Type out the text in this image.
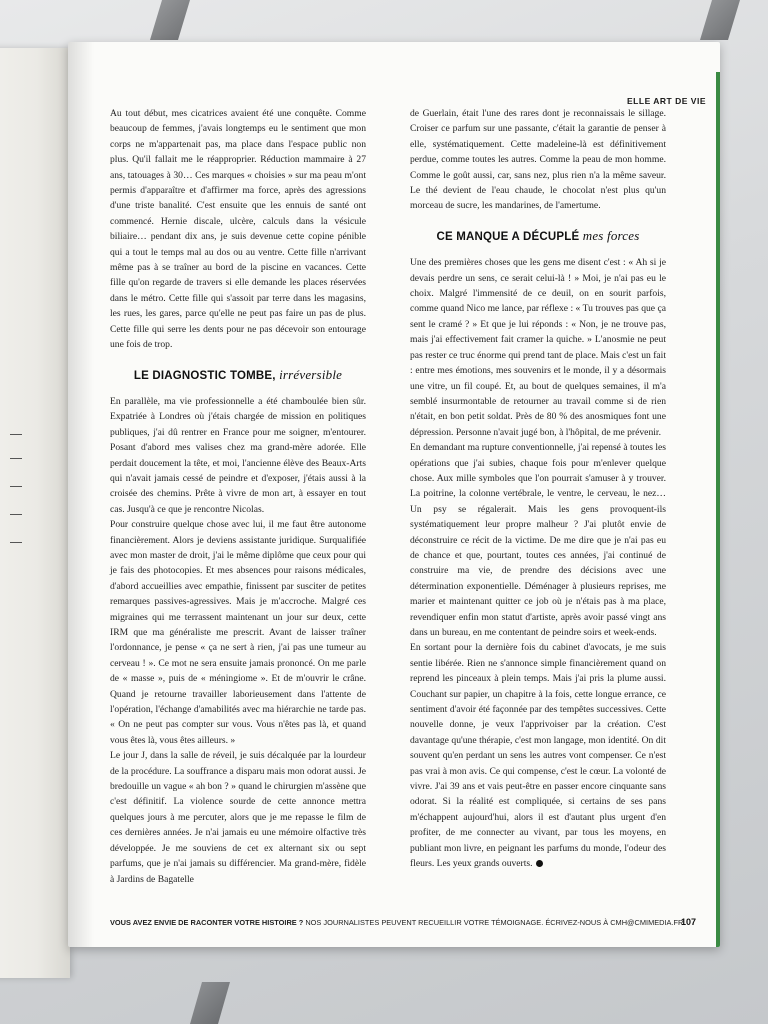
ELLE ART DE VIE

Au tout début, mes cicatrices avaient été une conquête. Comme beaucoup de femmes, j'avais longtemps eu le sentiment que mon corps ne m'appartenait pas, ma place dans l'espace public non plus. Qu'il fallait me le réapproprier. Réduction mammaire à 27 ans, tatouages à 30… Ces marques « choisies » sur ma peau m'ont permis d'apparaître et d'affirmer ma force, après des agressions d'une triste banalité. C'est ensuite que les ennuis de santé ont commencé. Hernie discale, ulcère, calculs dans la vésicule biliaire… pendant dix ans, je suis devenue cette copine pénible qui a tout le temps mal au dos ou au ventre. Cette fille n'arrivant même pas à se traîner au bord de la piscine en vacances. Cette fille qu'on regarde de travers si elle demande les places réservées dans le métro. Cette fille qui s'assoit par terre dans les magasins, les rues, les gares, parce qu'elle ne peut pas faire un pas de plus. Cette fille qui serre les dents pour ne pas décevoir son entourage une fois de trop.

LE DIAGNOSTIC TOMBE, irréversible

En parallèle, ma vie professionnelle a été chamboulée bien sûr. Expatriée à Londres où j'étais chargée de mission en politiques publiques, j'ai dû rentrer en France pour me soigner, m'entourer. Posant d'abord mes valises chez ma grand-mère adorée. Elle perdait doucement la tête, et moi, l'ancienne élève des Beaux-Arts qui n'avait jamais cessé de peindre et d'exposer, j'étais aussi à la croisée des chemins. Prête à vivre de mon art, à essayer en tout cas. Jusqu'à ce que je rencontre Nicolas.

Pour construire quelque chose avec lui, il me faut être autonome financièrement. Alors je deviens assistante juridique. Surqualifiée avec mon master de droit, j'ai le même diplôme que ceux pour qui je fais des photocopies. Et mes absences pour raisons médicales, d'abord accueillies avec empathie, finissent par susciter de petites remarques passives-agressives. Mais je m'accroche. Malgré ces migraines qui me terrassent maintenant un jour sur deux, cette IRM que ma généraliste me prescrit. Avant de laisser traîner l'ordonnance, je pense « ça ne sert à rien, j'ai pas une tumeur au cerveau ! ». Ce mot ne sera ensuite jamais prononcé. On me parle de « masse », puis de « méningiome ». Et de m'ouvrir le crâne. Quand je retourne travailler laborieusement dans l'attente de l'opération, l'échange d'amabilités avec ma hiérarchie ne tarde pas. « On ne peut pas compter sur vous. Vous n'êtes pas là, et quand vous êtes là, vous êtes ailleurs. »

Le jour J, dans la salle de réveil, je suis décalquée par la lourdeur de la procédure. La souffrance a disparu mais mon odorat aussi. Je bredouille un vague « ah bon ? » quand le chirurgien m'assène que c'est définitif. La violence sourde de cette annonce mettra quelques jours à me percuter, alors que je me repasse le film de ces dernières années. Je n'ai jamais eu une mémoire olfactive très développée. Je me souviens de cet ex alternant six ou sept parfums, que je n'ai jamais su différencier. Ma grand-mère, fidèle à Jardins de Bagatelle

de Guerlain, était l'une des rares dont je reconnaissais le sillage. Croiser ce parfum sur une passante, c'était la garantie de penser à elle, systématiquement. Cette madeleine-là est définitivement perdue, comme toutes les autres. Comme la peau de mon homme. Comme le goût aussi, car, sans nez, plus rien n'a la même saveur. Le thé devient de l'eau chaude, le chocolat n'est plus qu'un morceau de sucre, les mandarines, de l'amertume.

CE MANQUE A DÉCUPLÉ mes forces

Une des premières choses que les gens me disent c'est : « Ah si je devais perdre un sens, ce serait celui-là ! » Moi, je n'ai pas eu le choix. Malgré l'immensité de ce deuil, on en sourit parfois, comme quand Nico me lance, par réflexe : « Tu trouves pas que ça sent le cramé ? » Et que je lui réponds : « Non, je ne trouve pas, mais j'ai effectivement fait cramer la quiche. » L'anosmie ne peut pas rester ce truc énorme qui prend tant de place. Mais c'est un fait : entre mes émotions, mes souvenirs et le monde, il y a désormais une vitre, un fil coupé. Et, au bout de quelques semaines, il m'a semblé insurmontable de retourner au travail comme si de rien n'était, en bon petit soldat. Près de 80 % des anosmiques font une dépression. Personne n'avait jugé bon, à l'hôpital, de me prévenir.

En demandant ma rupture conventionnelle, j'ai repensé à toutes les opérations que j'ai subies, chaque fois pour m'enlever quelque chose. Aux mille symboles que l'on pourrait s'amuser à y trouver. La poitrine, la colonne vertébrale, le ventre, le cerveau, le nez… Un psy se régalerait. Mais les gens provoquent-ils systématiquement leur propre malheur ? J'ai plutôt envie de déconstruire ce récit de la victime. De me dire que je n'ai pas eu de chance et que, pourtant, toutes ces années, j'ai continué de construire ma vie, de prendre des décisions avec une détermination exponentielle. Déménager à plusieurs reprises, me marier et maintenant quitter ce job où je n'étais pas à ma place, revendiquer enfin mon statut d'artiste, après avoir passé vingt ans dans un bureau, en me contentant de peindre soirs et week-ends.

En sortant pour la dernière fois du cabinet d'avocats, je me suis sentie libérée. Rien ne s'annonce simple financièrement quand on reprend les pinceaux à plein temps. Mais j'ai pris la plume aussi. Couchant sur papier, un chapitre à la fois, cette longue errance, ce sentiment d'avoir été façonnée par des tempêtes successives. Cette nouvelle donne, je veux l'apprivoiser par la création. C'est davantage qu'une thérapie, c'est mon langage, mon identité. On dit souvent qu'en perdant un sens les autres vont compenser. Ce n'est pas vrai à mon avis. Ce qui compense, c'est le cœur. La volonté de vivre. J'ai 39 ans et vais peut-être en passer encore cinquante sans odorat. Si la réalité est compliquée, si certains de ses pans m'échappent aujourd'hui, alors il est d'autant plus urgent d'en profiter, de me connecter au vivant, par tous les moyens, en publiant mon livre, en peignant les parfums du monde, l'odeur des fleurs. Les yeux grands ouverts.

VOUS AVEZ ENVIE DE RACONTER VOTRE HISTOIRE ? NOS JOURNALISTES PEUVENT RECUEILLIR VOTRE TÉMOIGNAGE. ÉCRIVEZ-NOUS À CMH@CMIMEDIA.FR
107
